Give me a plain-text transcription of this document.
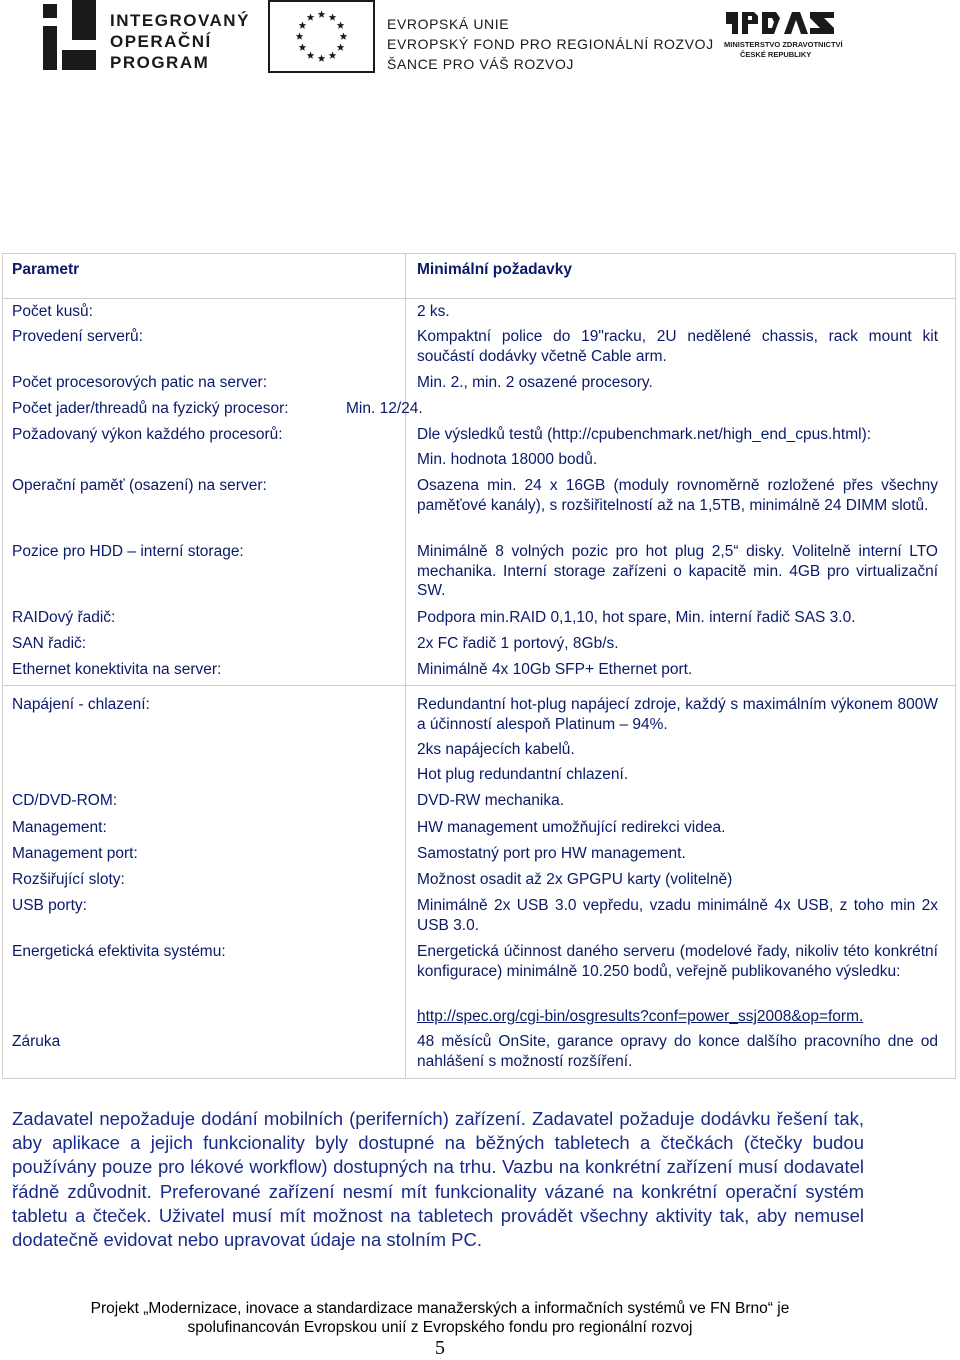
INTEGROVANÝ
OPERAČNÍ
PROGRAM
EVROPSKÁ UNIE
EVROPSKÝ FOND PRO REGIONÁLNÍ ROZVOJ
ŠANCE PRO VÁŠ ROZVOJ
MINISTERSTVO ZDRAVOTNICTVÍ
ČESKÉ REPUBLIKY
Parametr	Minimální požadavky
Počet kusů:	2 ks.
Provedení serverů:	Kompaktní police do 19"racku, 2U nedělené chassis, rack mount kit součástí dodávky včetně Cable arm.
Počet procesorových patic na server:	Min. 2., min. 2 osazené procesory.
Počet jader/threadů na fyzický procesor:	Min. 12/24.
Požadovaný výkon každého procesorů:	Dle výsledků testů (http://cpubenchmark.net/high_end_cpus.html):
Min. hodnota 18000 bodů.
Operační paměť (osazení) na server:	Osazena min. 24 x 16GB (moduly rovnoměrně rozložené přes všechny paměťové kanály), s rozšiřitelností až na 1,5TB, minimálně 24 DIMM slotů.
Pozice pro HDD – interní storage:	Minimálně 8 volných pozic pro hot plug 2,5“ disky. Volitelně interní LTO mechanika. Interní storage zařízeni o kapacitě min. 4GB pro virtualizační SW.
RAIDový řadič:	Podpora min.RAID 0,1,10, hot spare, Min. interní řadič SAS 3.0.
SAN řadič:	2x FC řadič 1 portový, 8Gb/s.
Ethernet konektivita na server:	Minimálně 4x 10Gb SFP+ Ethernet port.
Napájení - chlazení:	Redundantní hot-plug napájecí zdroje, každý s maximálním výkonem 800W a účinností alespoň Platinum – 94%.
2ks napájecích kabelů.
Hot plug redundantní chlazení.
CD/DVD-ROM:	DVD-RW mechanika.
Management:	HW management umožňující redirekci videa.
Management port:	Samostatný port pro HW management.
Rozšiřující sloty:	Možnost osadit až 2x GPGPU karty (volitelně)
USB porty:	Minimálně 2x USB 3.0 vepředu, vzadu minimálně 4x USB, z toho min 2x USB 3.0.
Energetická efektivita systému:	Energetická účinnost daného serveru (modelové řady, nikoliv této konkrétní konfigurace) minimálně 10.250 bodů, veřejně publikovaného výsledku:
http://spec.org/cgi-bin/osgresults?conf=power_ssj2008&op=form.
Záruka	48 měsíců OnSite, garance opravy do konce dalšího pracovního dne od nahlášení s možností rozšíření.
Zadavatel nepožaduje dodání mobilních (periferních) zařízení. Zadavatel požaduje dodávku řešení tak, aby aplikace a jejich funkcionality byly dostupné na běžných tabletech a čtečkách (čtečky budou používány pouze pro lékové workflow) dostupných na trhu. Vazbu na konkrétní zařízení musí dodavatel řádně zdůvodnit. Preferované zařízení nesmí mít funkcionality vázané na konkrétní operační systém tabletu a čteček. Uživatel musí mít možnost na tabletech provádět všechny aktivity tak, aby nemusel dodatečně evidovat nebo upravovat údaje na stolním PC.
Projekt „Modernizace, inovace a standardizace manažerských a informačních systémů ve FN Brno“ je
spolufinancován Evropskou unií z Evropského fondu pro regionální rozvoj
5
